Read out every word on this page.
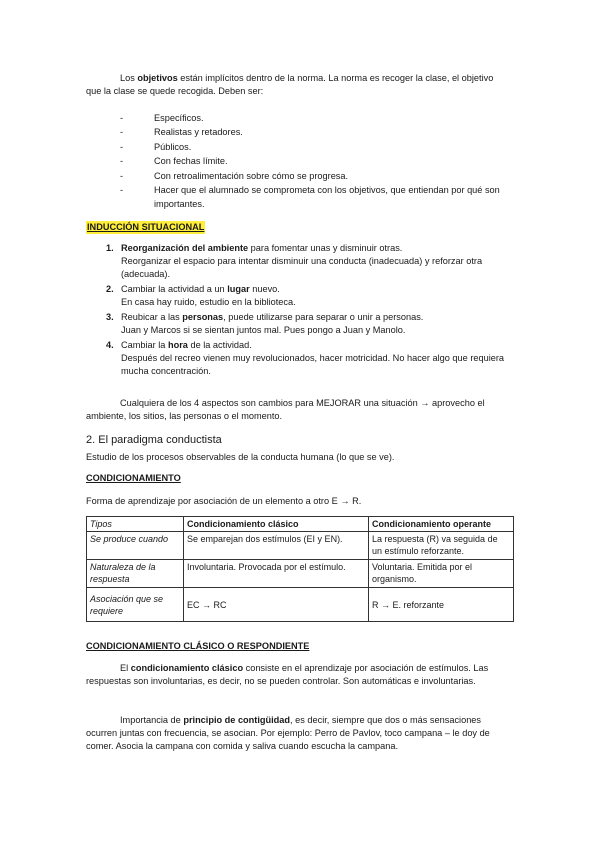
Los objetivos están implícitos dentro de la norma. La norma es recoger la clase, el objetivo que la clase se quede recogida. Deben ser:

- Específicos.
- Realistas y retadores.
- Públicos.
- Con fechas límite.
- Con retroalimentación sobre cómo se progresa.
- Hacer que el alumnado se comprometa con los objetivos, que entiendan por qué son importantes.
INDUCCIÓN SITUACIONAL
1. Reorganización del ambiente para fomentar unas y disminuir otras.
Reorganizar el espacio para intentar disminuir una conducta (inadecuada) y reforzar otra (adecuada).
2. Cambiar la actividad a un lugar nuevo.
En casa hay ruido, estudio en la biblioteca.
3. Reubicar a las personas, puede utilizarse para separar o unir a personas.
Juan y Marcos si se sientan juntos mal. Pues pongo a Juan y Manolo.
4. Cambiar la hora de la actividad.
Después del recreo vienen muy revolucionados, hacer motricidad. No hacer algo que requiera mucha concentración.

Cualquiera de los 4 aspectos son cambios para MEJORAR una situación → aprovecho el ambiente, los sitios, las personas o el momento.

2. El paradigma conductista

Estudio de los procesos observables de la conducta humana (lo que se ve).

CONDICIONAMIENTO

Forma de aprendizaje por asociación de un elemento a otro E → R.

Tipos	Condicionamiento clásico	Condicionamiento operante
Se produce cuando	Se emparejan dos estímulos (EI y EN).	La respuesta (R) va seguida de un estímulo reforzante.
Naturaleza de la respuesta	Involuntaria. Provocada por el estímulo.	Voluntaria. Emitida por el organismo.
Asociación que se requiere	EC → RC	R → E. reforzante
CONDICIONAMIENTO CLÁSICO O RESPONDIENTE

El condicionamiento clásico consiste en el aprendizaje por asociación de estímulos. Las respuestas son involuntarias, es decir, no se pueden controlar. Son automáticas e involuntarias.

Importancia de principio de contigüidad, es decir, siempre que dos o más sensaciones ocurren juntas con frecuencia, se asocian. Por ejemplo: Perro de Pavlov, toco campana – le doy de comer. Asocia la campana con comida y saliva cuando escucha la campana.
